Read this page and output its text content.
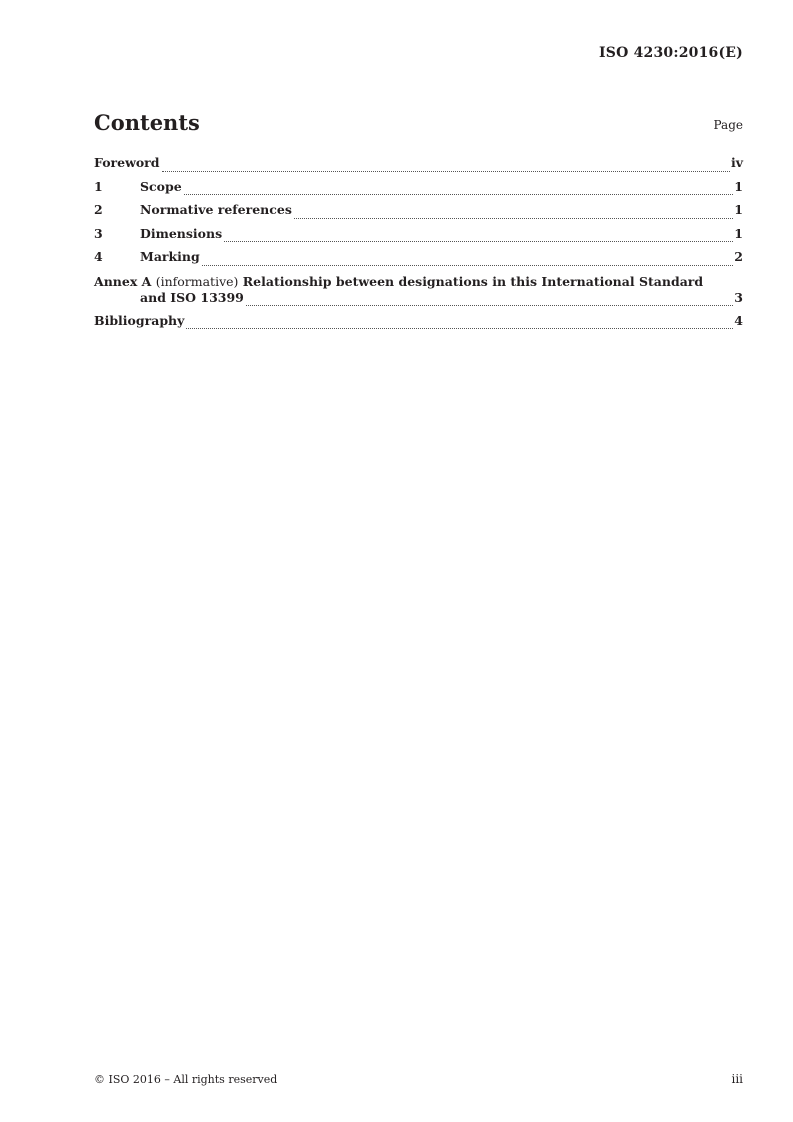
ISO 4230:2016(E)
Contents	Page
Foreword	iv
1	Scope	1
2	Normative references	1
3	Dimensions	1
4	Marking	2
Annex A (informative) Relationship between designations in this International Standard
and ISO 13399	3
Bibliography	4
© ISO 2016 – All rights reserved	iii
